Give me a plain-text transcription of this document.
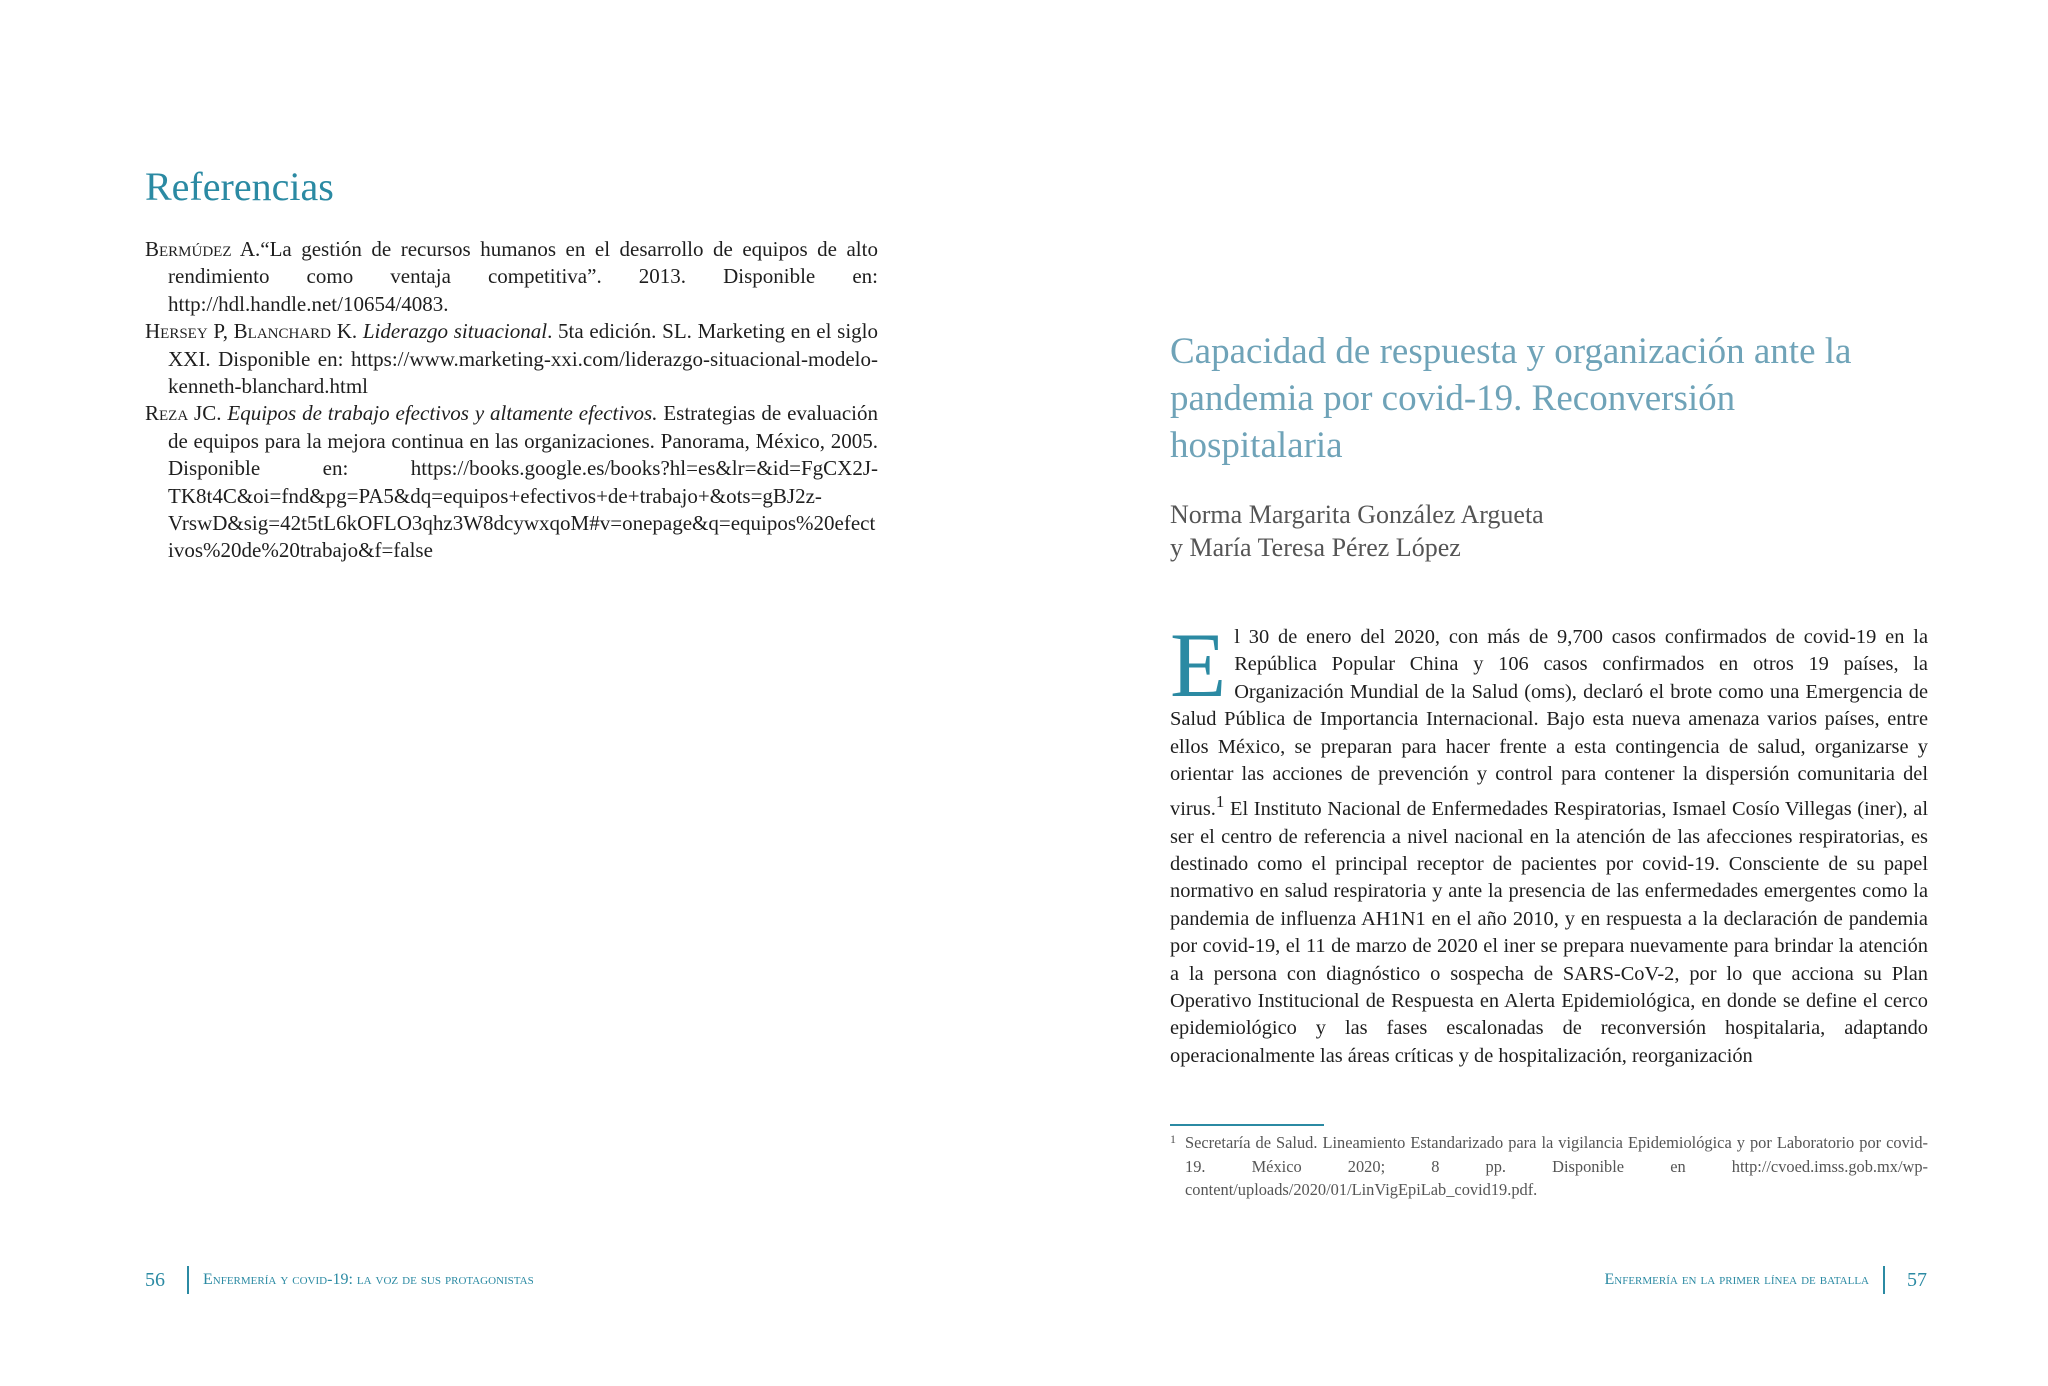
Referencias

Bermúdez A.“La gestión de recursos humanos en el desarrollo de equipos de alto rendimiento como ventaja competitiva”. 2013. Disponible en: http://hdl.handle.net/10654/4083.

Hersey P, Blanchard K. Liderazgo situacional. 5ta edición. SL. Marketing en el siglo XXI. Disponible en: https://www.marketing-xxi.com/liderazgo-situacional-modelo-kenneth-blanchard.html

Reza JC. Equipos de trabajo efectivos y altamente efectivos. Estrategias de evaluación de equipos para la mejora continua en las organizaciones. Panorama, México, 2005. Disponible en: https://books.google.es/books?hl=es&lr=&id=FgCX2J-TK8t4C&oi=fnd&pg=PA5&dq=equipos+efectivos+de+trabajo+&ots=gBJ2z-VrswD&sig=42t5tL6kOFLO3qhz3W8dcywxqoM#v=onepage&q=equipos%20efectivos%20de%20trabajo&f=false

56 Enfermería y covid-19: la voz de sus protagonistas
Capacidad de respuesta y organización ante la pandemia por covid-19. Reconversión hospitalaria
Norma Margarita González Argueta
y María Teresa Pérez López

El 30 de enero del 2020, con más de 9,700 casos confirmados de covid-19 en la República Popular China y 106 casos confirmados en otros 19 países, la Organización Mundial de la Salud (oms), declaró el brote como una Emergencia de Salud Pública de Importancia Internacional. Bajo esta nueva amenaza varios países, entre ellos México, se preparan para hacer frente a esta contingencia de salud, organizarse y orientar las acciones de prevención y control para contener la dispersión comunitaria del virus.$^1$ El Instituto Nacional de Enfermedades Respiratorias, Ismael Cosío Villegas (iner), al ser el centro de referencia a nivel nacional en la atención de las afecciones respiratorias, es destinado como el principal receptor de pacientes por covid-19. Consciente de su papel normativo en salud respiratoria y ante la presencia de las enfermedades emergentes como la pandemia de influenza AH1N1 en el año 2010, y en respuesta a la declaración de pandemia por covid-19, el 11 de marzo de 2020 el iner se prepara nuevamente para brindar la atención a la persona con diagnóstico o sospecha de SARS-CoV-2, por lo que acciona su Plan Operativo Institucional de Respuesta en Alerta Epidemiológica, en donde se define el cerco epidemiológico y las fases escalonadas de reconversión hospitalaria, adaptando operacionalmente las áreas críticas y de hospitalización, reorganización

1 Secretaría de Salud. Lineamiento Estandarizado para la vigilancia Epidemiológica y por Laboratorio por covid-19. México 2020; 8 pp. Disponible en http://cvoed.imss.gob.mx/wp-content/uploads/2020/01/LinVigEpiLab_covid19.pdf.
Enfermería en la primer línea de batalla 57
